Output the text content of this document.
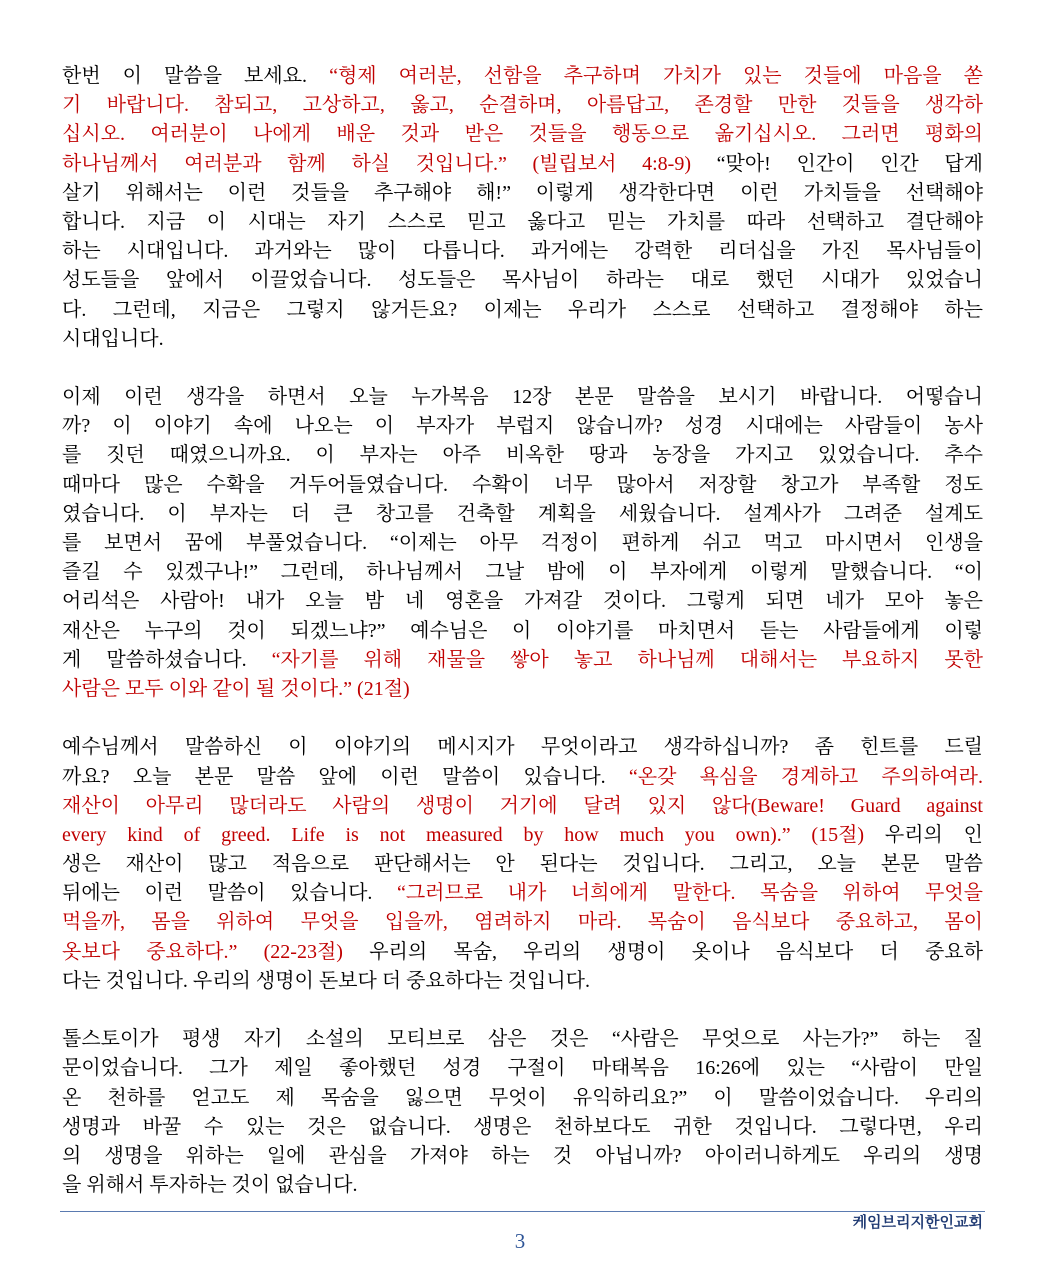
한번 이 말씀을 보세요. “형제 여러분, 선함을 추구하며 가치가 있는 것들에 마음을 쏟
기 바랍니다. 참되고, 고상하고, 옳고, 순결하며, 아름답고, 존경할 만한 것들을 생각하
십시오. 여러분이 나에게 배운 것과 받은 것들을 행동으로 옮기십시오. 그러면 평화의
하나님께서 여러분과 함께 하실 것입니다.” (빌립보서 4:8-9) “맞아! 인간이 인간 답게
살기 위해서는 이런 것들을 추구해야 해!” 이렇게 생각한다면 이런 가치들을 선택해야
합니다. 지금 이 시대는 자기 스스로 믿고 옳다고 믿는 가치를 따라 선택하고 결단해야
하는 시대입니다. 과거와는 많이 다릅니다. 과거에는 강력한 리더십을 가진 목사님들이
성도들을 앞에서 이끌었습니다. 성도들은 목사님이 하라는 대로 했던 시대가 있었습니
다. 그런데, 지금은 그렇지 않거든요? 이제는 우리가 스스로 선택하고 결정해야 하는
시대입니다.
이제 이런 생각을 하면서 오늘 누가복음 12장 본문 말씀을 보시기 바랍니다. 어떻습니
까? 이 이야기 속에 나오는 이 부자가 부럽지 않습니까? 성경 시대에는 사람들이 농사
를 짓던 때였으니까요. 이 부자는 아주 비옥한 땅과 농장을 가지고 있었습니다. 추수
때마다 많은 수확을 거두어들였습니다. 수확이 너무 많아서 저장할 창고가 부족할 정도
였습니다. 이 부자는 더 큰 창고를 건축할 계획을 세웠습니다. 설계사가 그려준 설계도
를 보면서 꿈에 부풀었습니다. “이제는 아무 걱정이 편하게 쉬고 먹고 마시면서 인생을
즐길 수 있겠구나!” 그런데, 하나님께서 그날 밤에 이 부자에게 이렇게 말했습니다. “이
어리석은 사람아! 내가 오늘 밤 네 영혼을 가져갈 것이다. 그렇게 되면 네가 모아 놓은
재산은 누구의 것이 되겠느냐?” 예수님은 이 이야기를 마치면서 듣는 사람들에게 이렇
게 말씀하셨습니다. “자기를 위해 재물을 쌓아 놓고 하나님께 대해서는 부요하지 못한
사람은 모두 이와 같이 될 것이다.” (21절)
예수님께서 말씀하신 이 이야기의 메시지가 무엇이라고 생각하십니까? 좀 힌트를 드릴
까요? 오늘 본문 말씀 앞에 이런 말씀이 있습니다. “온갖 욕심을 경계하고 주의하여라.
재산이 아무리 많더라도 사람의 생명이 거기에 달려 있지 않다(Beware! Guard against
every kind of greed. Life is not measured by how much you own).” (15절) 우리의 인
생은 재산이 많고 적음으로 판단해서는 안 된다는 것입니다. 그리고, 오늘 본문 말씀
뒤에는 이런 말씀이 있습니다. “그러므로 내가 너희에게 말한다. 목숨을 위하여 무엇을
먹을까, 몸을 위하여 무엇을 입을까, 염려하지 마라. 목숨이 음식보다 중요하고, 몸이
옷보다 중요하다.” (22-23절) 우리의 목숨, 우리의 생명이 옷이나 음식보다 더 중요하
다는 것입니다. 우리의 생명이 돈보다 더 중요하다는 것입니다.
톨스토이가 평생 자기 소설의 모티브로 삼은 것은 “사람은 무엇으로 사는가?” 하는 질
문이었습니다. 그가 제일 좋아했던 성경 구절이 마태복음 16:26에 있는 “사람이 만일
온 천하를 얻고도 제 목숨을 잃으면 무엇이 유익하리요?” 이 말씀이었습니다. 우리의
생명과 바꿀 수 있는 것은 없습니다. 생명은 천하보다도 귀한 것입니다. 그렇다면, 우리
의 생명을 위하는 일에 관심을 가져야 하는 것 아닙니까? 아이러니하게도 우리의 생명
을 위해서 투자하는 것이 없습니다.
케임브리지한인교회
3
